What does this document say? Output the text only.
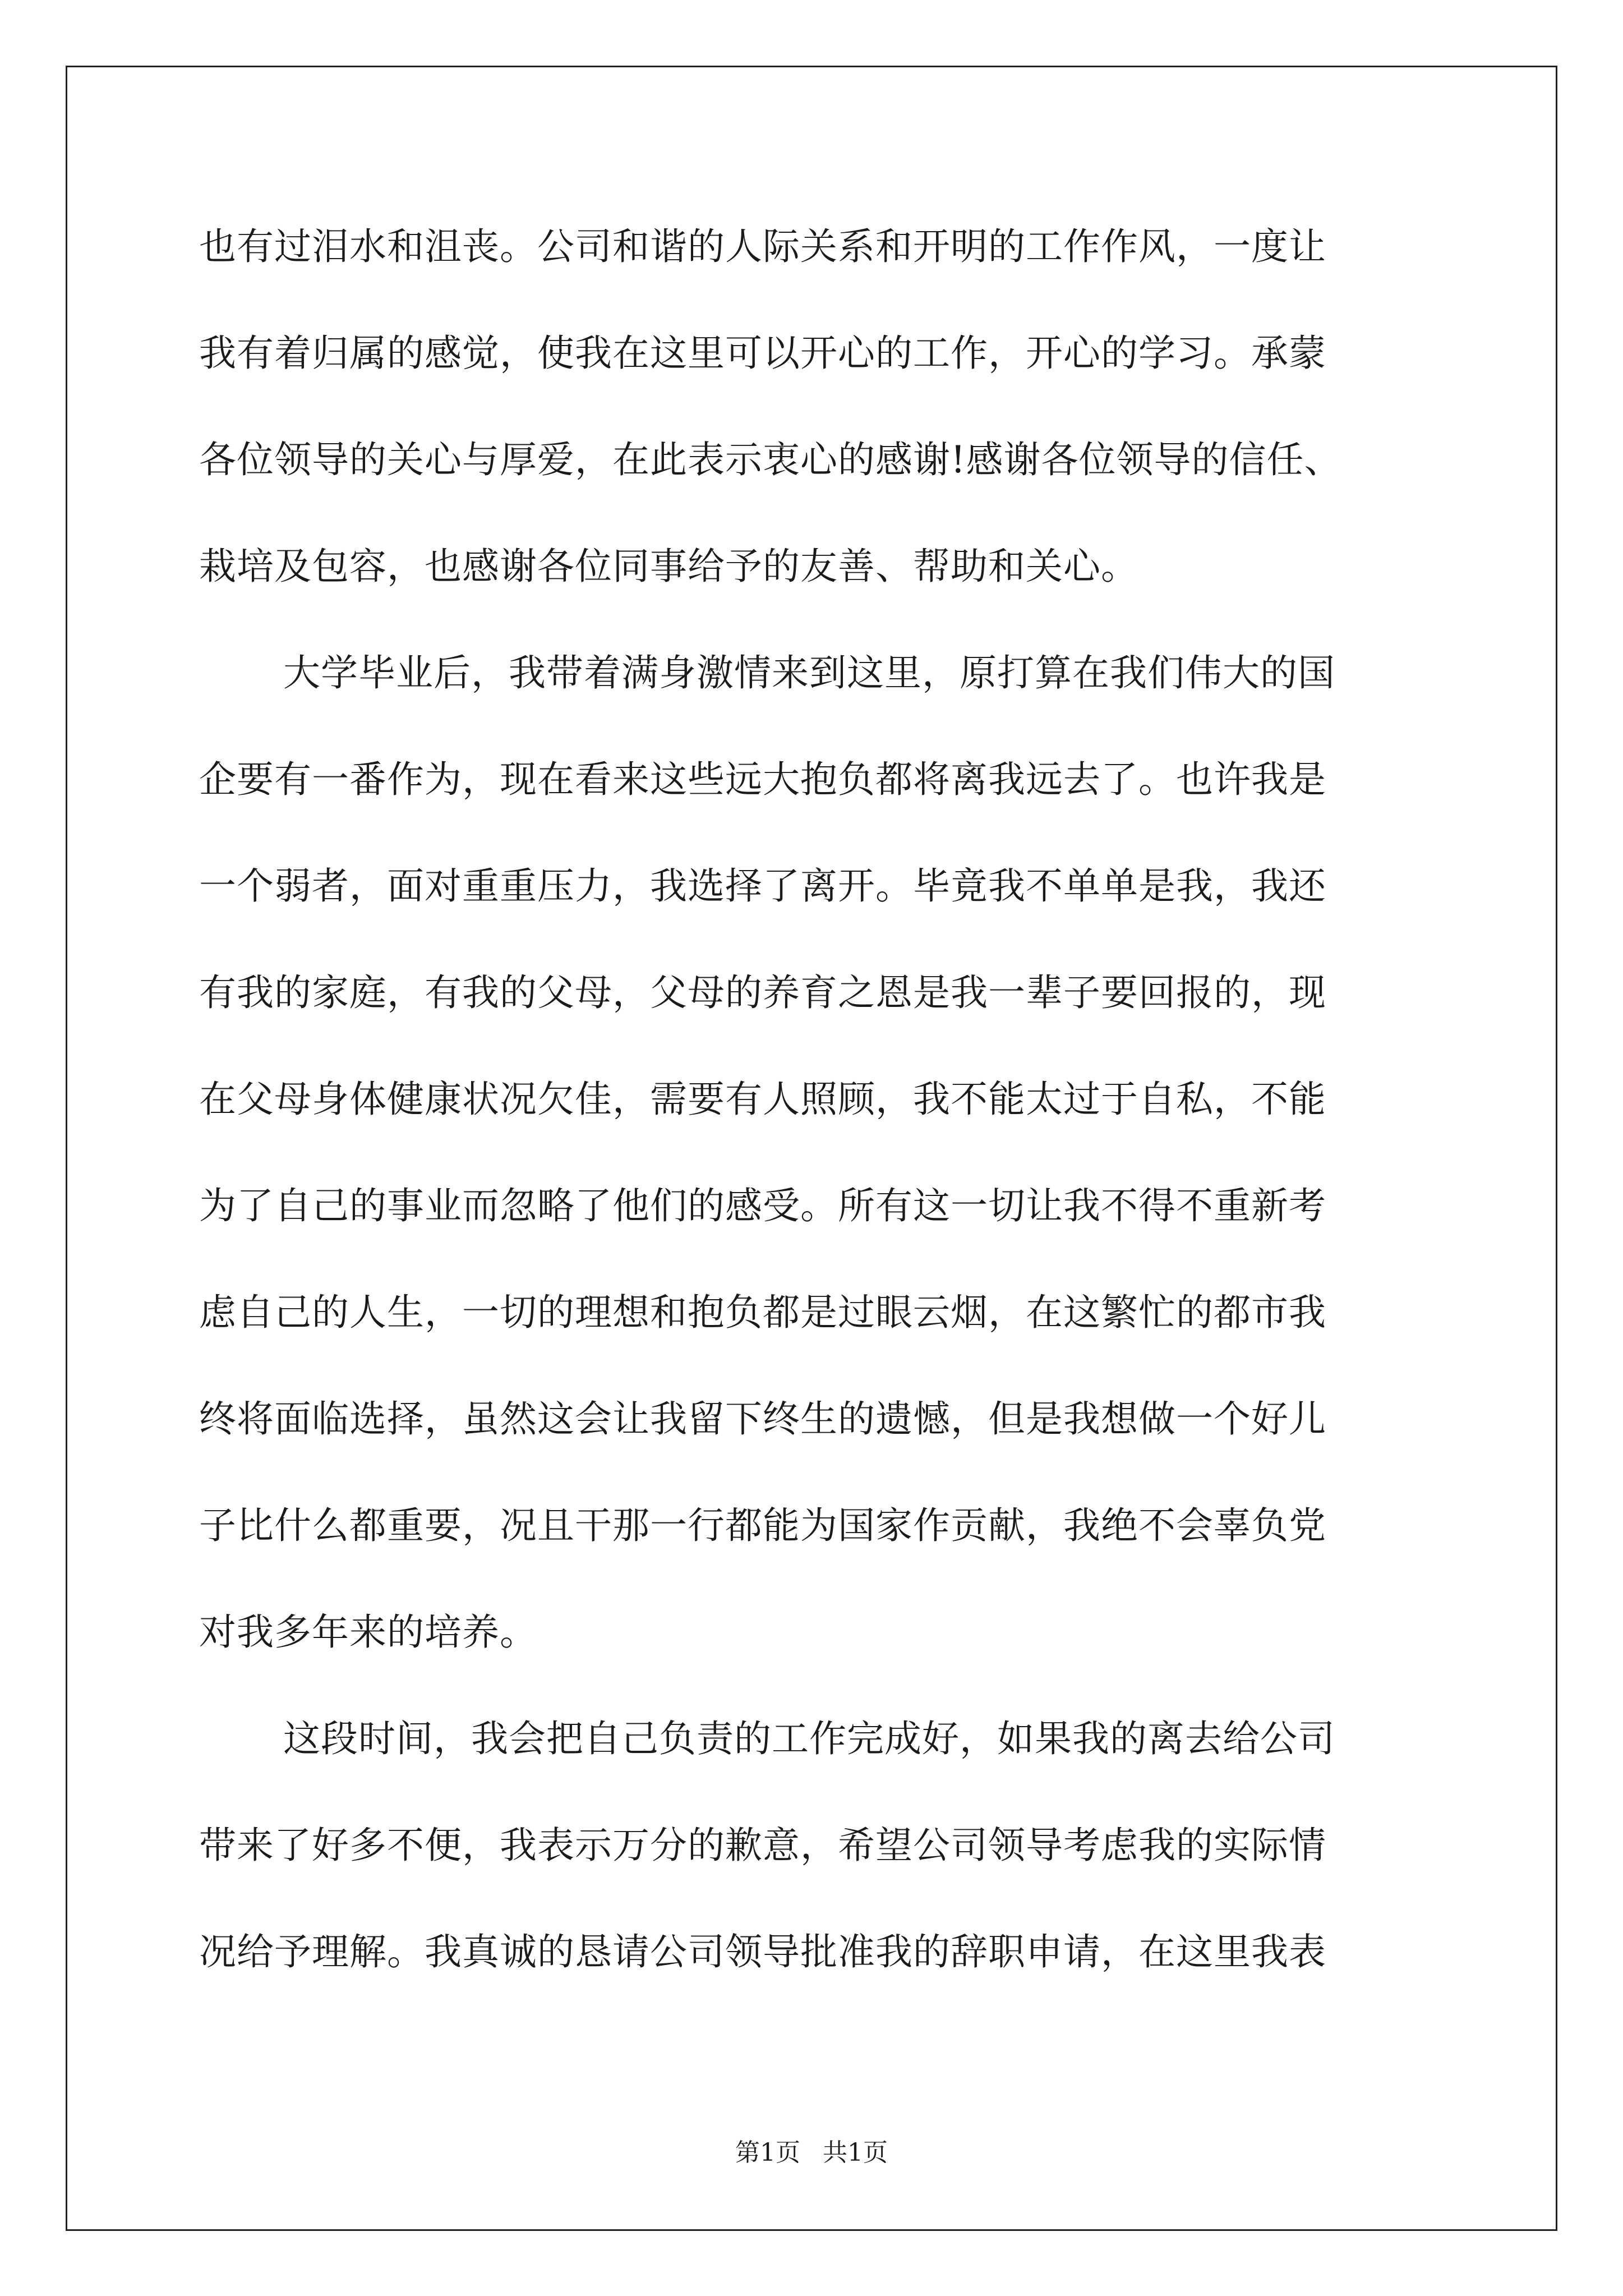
也有过泪水和沮丧。公司和谐的人际关系和开明的工作作风，一度让
我有着归属的感觉，使我在这里可以开心的工作，开心的学习。承蒙
各位领导的关心与厚爱，在此表示衷心的感谢!感谢各位领导的信任、
栽培及包容，也感谢各位同事给予的友善、帮助和关心。
大学毕业后，我带着满身激情来到这里，原打算在我们伟大的国
企要有一番作为，现在看来这些远大抱负都将离我远去了。也许我是
一个弱者，面对重重压力，我选择了离开。毕竟我不单单是我，我还
有我的家庭，有我的父母，父母的养育之恩是我一辈子要回报的，现
在父母身体健康状况欠佳，需要有人照顾，我不能太过于自私，不能
为了自己的事业而忽略了他们的感受。所有这一切让我不得不重新考
虑自己的人生，一切的理想和抱负都是过眼云烟，在这繁忙的都市我
终将面临选择，虽然这会让我留下终生的遗憾，但是我想做一个好儿
子比什么都重要，况且干那一行都能为国家作贡献，我绝不会辜负党
对我多年来的培养。
这段时间，我会把自己负责的工作完成好，如果我的离去给公司
带来了好多不便，我表示万分的歉意，希望公司领导考虑我的实际情
况给予理解。我真诚的恳请公司领导批准我的辞职申请，在这里我表
第1页 共1页
